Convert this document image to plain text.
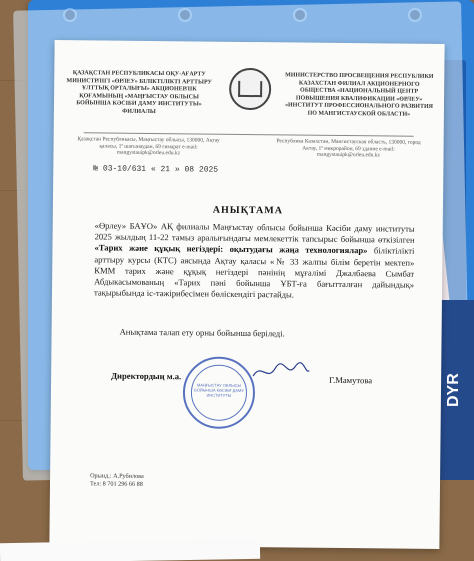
DYR
ҚАЗАҚСТАН РЕСПУБЛИКАСЫ ОҚУ-АҒАРТУ МИНИСТРЛІГІ «ӨРЛЕУ» БІЛІКТІЛІКТІ АРТТЫРУ ҰЛТТЫҚ ОРТАЛЫҒЫ» АКЦИОНЕРЛІК ҚОҒАМЫНЫҢ «МАҢҒЫСТАУ ОБЛЫСЫ БОЙЫНША КӘСІБИ ДАМУ ИНСТИТУТЫ» ФИЛИАЛЫ
МИНИСТЕРСТВО ПРОСВЕЩЕНИЯ РЕСПУБЛИКИ КАЗАХСТАН ФИЛИАЛ АКЦИОНЕРНОГО ОБЩЕСТВА «НАЦИОНАЛЬНЫЙ ЦЕНТР ПОВЫШЕНИЯ КВАЛИФИКАЦИИ «ӨРЛЕУ» «ИНСТИТУТ ПРОФЕССИОНАЛЬНОГО РАЗВИТИЯ ПО МАНГИСТАУСКОЙ ОБЛАСТИ»
Қазақстан Республикасы, Маңғыстау облысы, 130000, Ақтау қаласы, 1ª шағынаудан, 69 ғимарат e-mail: mangystauipk@orleu.edu.kz
Республика Казахстан, Мангистауская область, 130000, город Актау, 1ª микрорайон, 69 здание e-mail: mangystauipk@orleu.edu.kz
№ 03-10/631 « 21 » 08 2025
АНЫҚТАМА
«Өрлеу» БАҰО» АҚ филиалы Маңғыстау облысы бойынша Кәсіби даму институты 2025 жылдың 11-22 тамыз аралығындағы мемлекеттік тапсырыс бойынша өткізілген «Тарих және құқық негіздері: оқытудағы жаңа технологиялар» біліктілікті арттыру курсы (КТС) аясында Ақтау қаласы «№ 33 жалпы білім беретін мектеп» КММ тарих және құқық негіздері пәнінің мұғалімі Джалбаева Сымбат Абдыкасымованың «Тарих пәні бойынша ҰБТ-ға бағытталған дайындық» тақырыбында іс-тәжірибесімен бөліскендігі растайды.
Анықтама талап ету орны бойынша беріледі.
Директордың м.а.
МАҢҒЫСТАУ ОБЛЫСЫ БОЙЫНША КӘСІБИ ДАМУ ИНСТИТУТЫ
Г.Мамутова
Орынд.: А.Рубилова
Тел: 8 701 296 66 88
